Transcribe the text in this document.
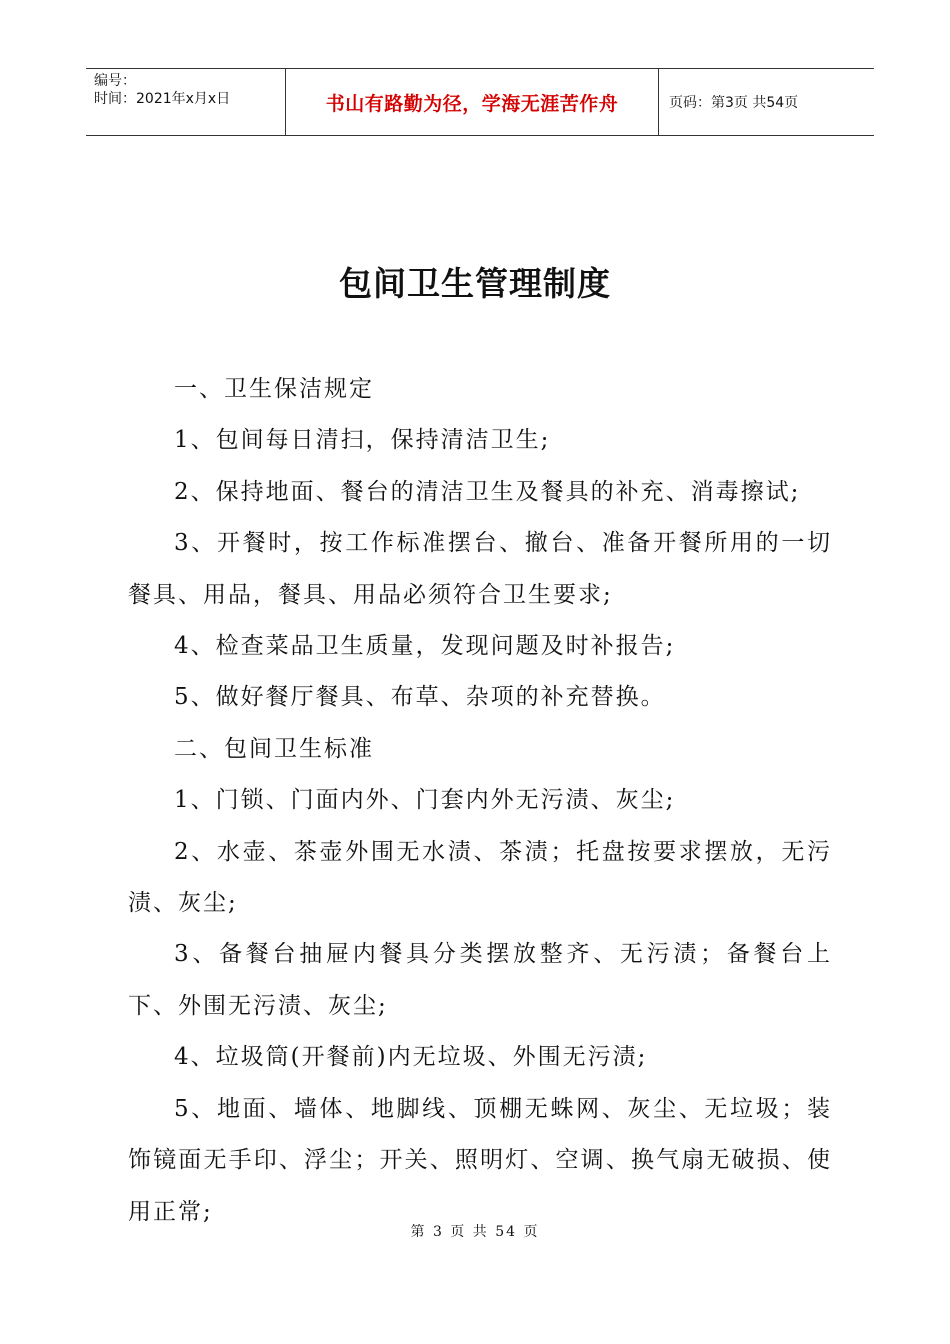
编号：
时间：2021年x月x日	书山有路勤为径，学海无涯苦作舟	页码：第3页 共54页
包间卫生管理制度

一、卫生保洁规定

1、包间每日清扫，保持清洁卫生;

2、保持地面、餐台的清洁卫生及餐具的补充、消毒擦试;

3、开餐时，按工作标准摆台、撤台、准备开餐所用的一切餐具、用品，餐具、用品必须符合卫生要求;

4、检查菜品卫生质量，发现问题及时补报告;

5、做好餐厅餐具、布草、杂项的补充替换。

二、包间卫生标准

1、门锁、门面内外、门套内外无污渍、灰尘;

2、水壶、茶壶外围无水渍、茶渍；托盘按要求摆放，无污渍、灰尘;

3、备餐台抽屉内餐具分类摆放整齐、无污渍；备餐台上下、外围无污渍、灰尘;

4、垃圾筒(开餐前)内无垃圾、外围无污渍;

5、地面、墙体、地脚线、顶棚无蛛网、灰尘、无垃圾；装饰镜面无手印、浮尘；开关、照明灯、空调、换气扇无破损、使用正常;

第 3 页 共 54 页
